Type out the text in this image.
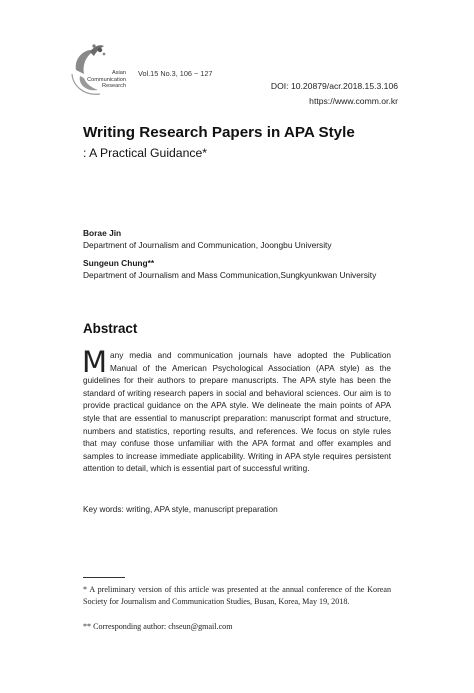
Asian
Communication
Research
Vol.15 No.3, 106 ~ 127
DOI: 10.20879/acr.2018.15.3.106
https://www.comm.or.kr
Writing Research Papers in APA Style
: A Practical Guidance*
Borae Jin
Department of Journalism and Communication, Joongbu University
Sungeun Chung**
Department of Journalism and Mass Communication,Sungkyunkwan University
Abstract
Many media and communication journals have adopted the Publication Manual of the American Psychological Association (APA style) as the guidelines for their authors to prepare manuscripts. The APA style has been the standard of writing research papers in social and behavioral sciences. Our aim is to provide practical guidance on the APA style. We delineate the main points of APA style that are essential to manuscript preparation: manuscript format and structure, numbers and statistics, reporting results, and references. We focus on style rules that may confuse those unfamiliar with the APA format and offer examples and samples to increase immediate applicability. Writing in APA style requires persistent attention to detail, which is essential part of successful writing.
Key words: writing, APA style, manuscript preparation
* A preliminary version of this article was presented at the annual conference of the Korean Society for Journalism and Communication Studies, Busan, Korea, May 19, 2018.
** Corresponding author: chseun@gmail.com
